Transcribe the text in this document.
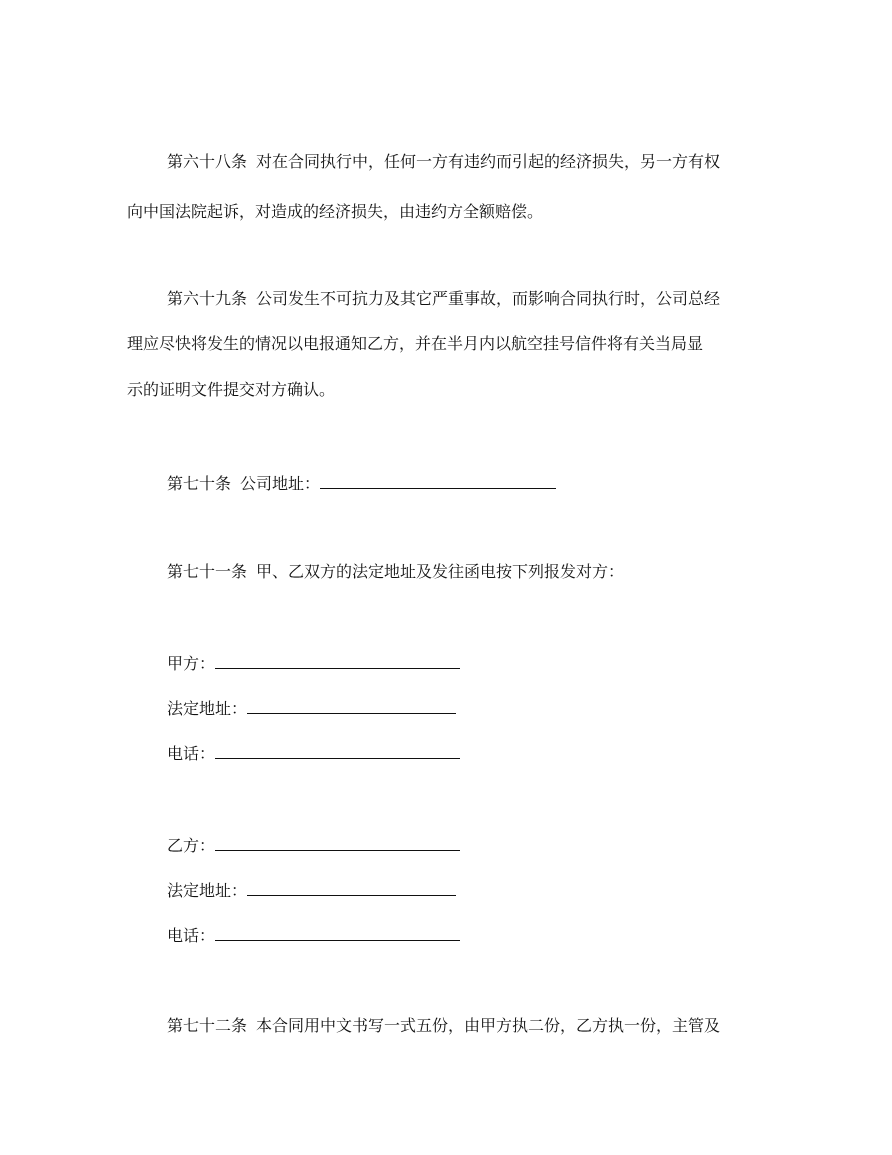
第六十八条 对在合同执行中，任何一方有违约而引起的经济损失，另一方有权
向中国法院起诉，对造成的经济损失，由违约方全额赔偿。
第六十九条 公司发生不可抗力及其它严重事故，而影响合同执行时，公司总经
理应尽快将发生的情况以电报通知乙方，并在半月内以航空挂号信件将有关当局显
示的证明文件提交对方确认。
第七十条 公司地址：
第七十一条 甲、乙双方的法定地址及发往函电按下列报发对方：
甲方：
法定地址：
电话：
乙方：
法定地址：
电话：
第七十二条 本合同用中文书写一式五份，由甲方执二份，乙方执一份，主管及
